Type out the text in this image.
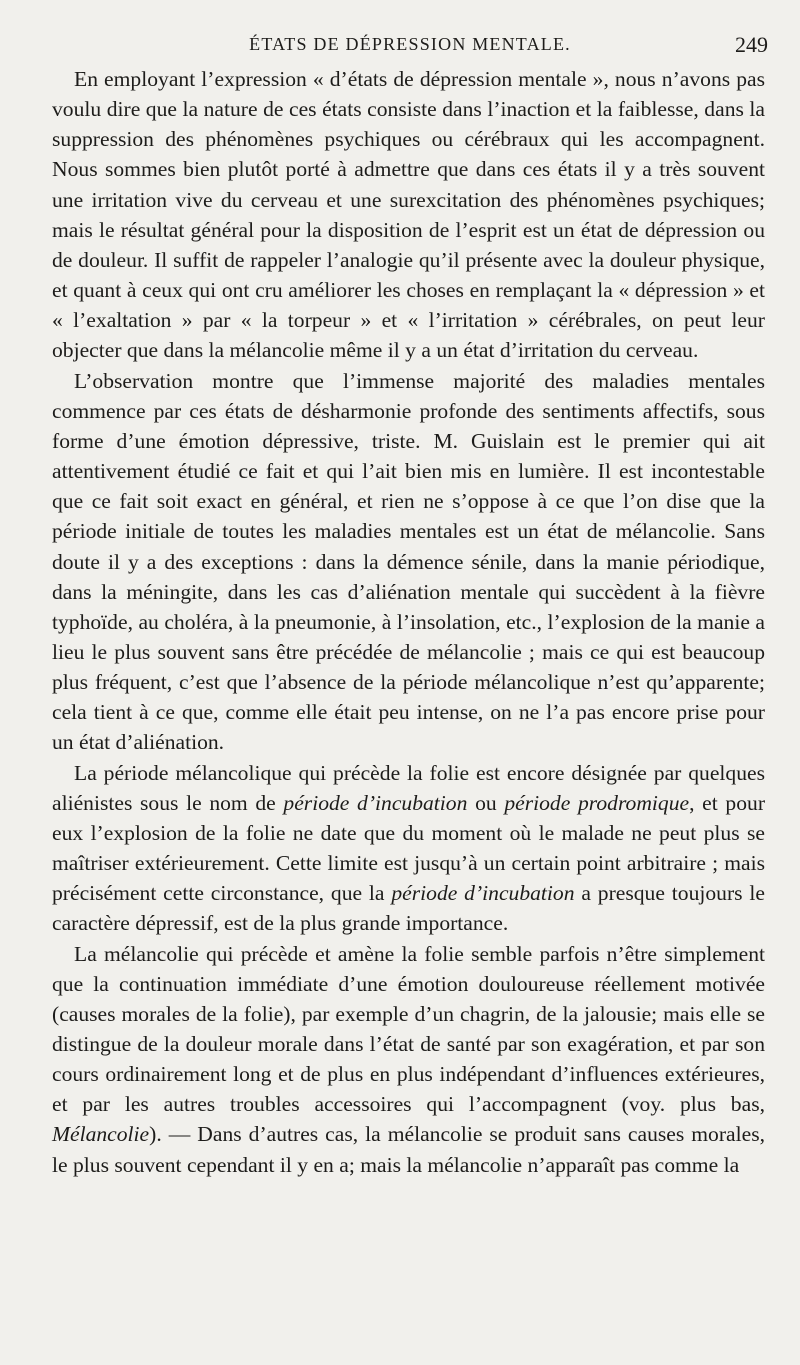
ÉTATS DE DÉPRESSION MENTALE.	249

En employant l’expression « d’états de dépression mentale », nous n’avons pas voulu dire que la nature de ces états consiste dans l’inaction et la faiblesse, dans la suppression des phénomènes psychiques ou cérébraux qui les accompagnent. Nous sommes bien plutôt porté à admettre que dans ces états il y a très souvent une irritation vive du cerveau et une surexcitation des phénomènes psychiques; mais le résultat général pour la disposition de l’esprit est un état de dépression ou de douleur. Il suffit de rappeler l’analogie qu’il présente avec la douleur physique, et quant à ceux qui ont cru améliorer les choses en remplaçant la « dépression » et « l’exaltation » par « la torpeur » et « l’irritation » cérébrales, on peut leur objecter que dans la mélancolie même il y a un état d’irritation du cerveau.

L’observation montre que l’immense majorité des maladies mentales commence par ces états de désharmonie profonde des sentiments affectifs, sous forme d’une émotion dépressive, triste. M. Guislain est le premier qui ait attentivement étudié ce fait et qui l’ait bien mis en lumière. Il est incontestable que ce fait soit exact en général, et rien ne s’oppose à ce que l’on dise que la période initiale de toutes les maladies mentales est un état de mélancolie. Sans doute il y a des exceptions : dans la démence sénile, dans la manie périodique, dans la méningite, dans les cas d’aliénation mentale qui succèdent à la fièvre typhoïde, au choléra, à la pneumonie, à l’insolation, etc., l’explosion de la manie a lieu le plus souvent sans être précédée de mélancolie ; mais ce qui est beaucoup plus fréquent, c’est que l’absence de la période mélancolique n’est qu’apparente; cela tient à ce que, comme elle était peu intense, on ne l’a pas encore prise pour un état d’aliénation.

La période mélancolique qui précède la folie est encore désignée par quelques aliénistes sous le nom de période d’incubation ou période prodromique, et pour eux l’explosion de la folie ne date que du moment où le malade ne peut plus se maîtriser extérieurement. Cette limite est jusqu’à un certain point arbitraire ; mais précisément cette circonstance, que la période d’incubation a presque toujours le caractère dépressif, est de la plus grande importance.

La mélancolie qui précède et amène la folie semble parfois n’être simplement que la continuation immédiate d’une émotion douloureuse réellement motivée (causes morales de la folie), par exemple d’un chagrin, de la jalousie; mais elle se distingue de la douleur morale dans l’état de santé par son exagération, et par son cours ordinairement long et de plus en plus indépendant d’influences extérieures, et par les autres troubles accessoires qui l’accompagnent (voy. plus bas, Mélancolie). — Dans d’autres cas, la mélancolie se produit sans causes morales, le plus souvent cependant il y en a; mais la mélancolie n’apparaît pas comme la
